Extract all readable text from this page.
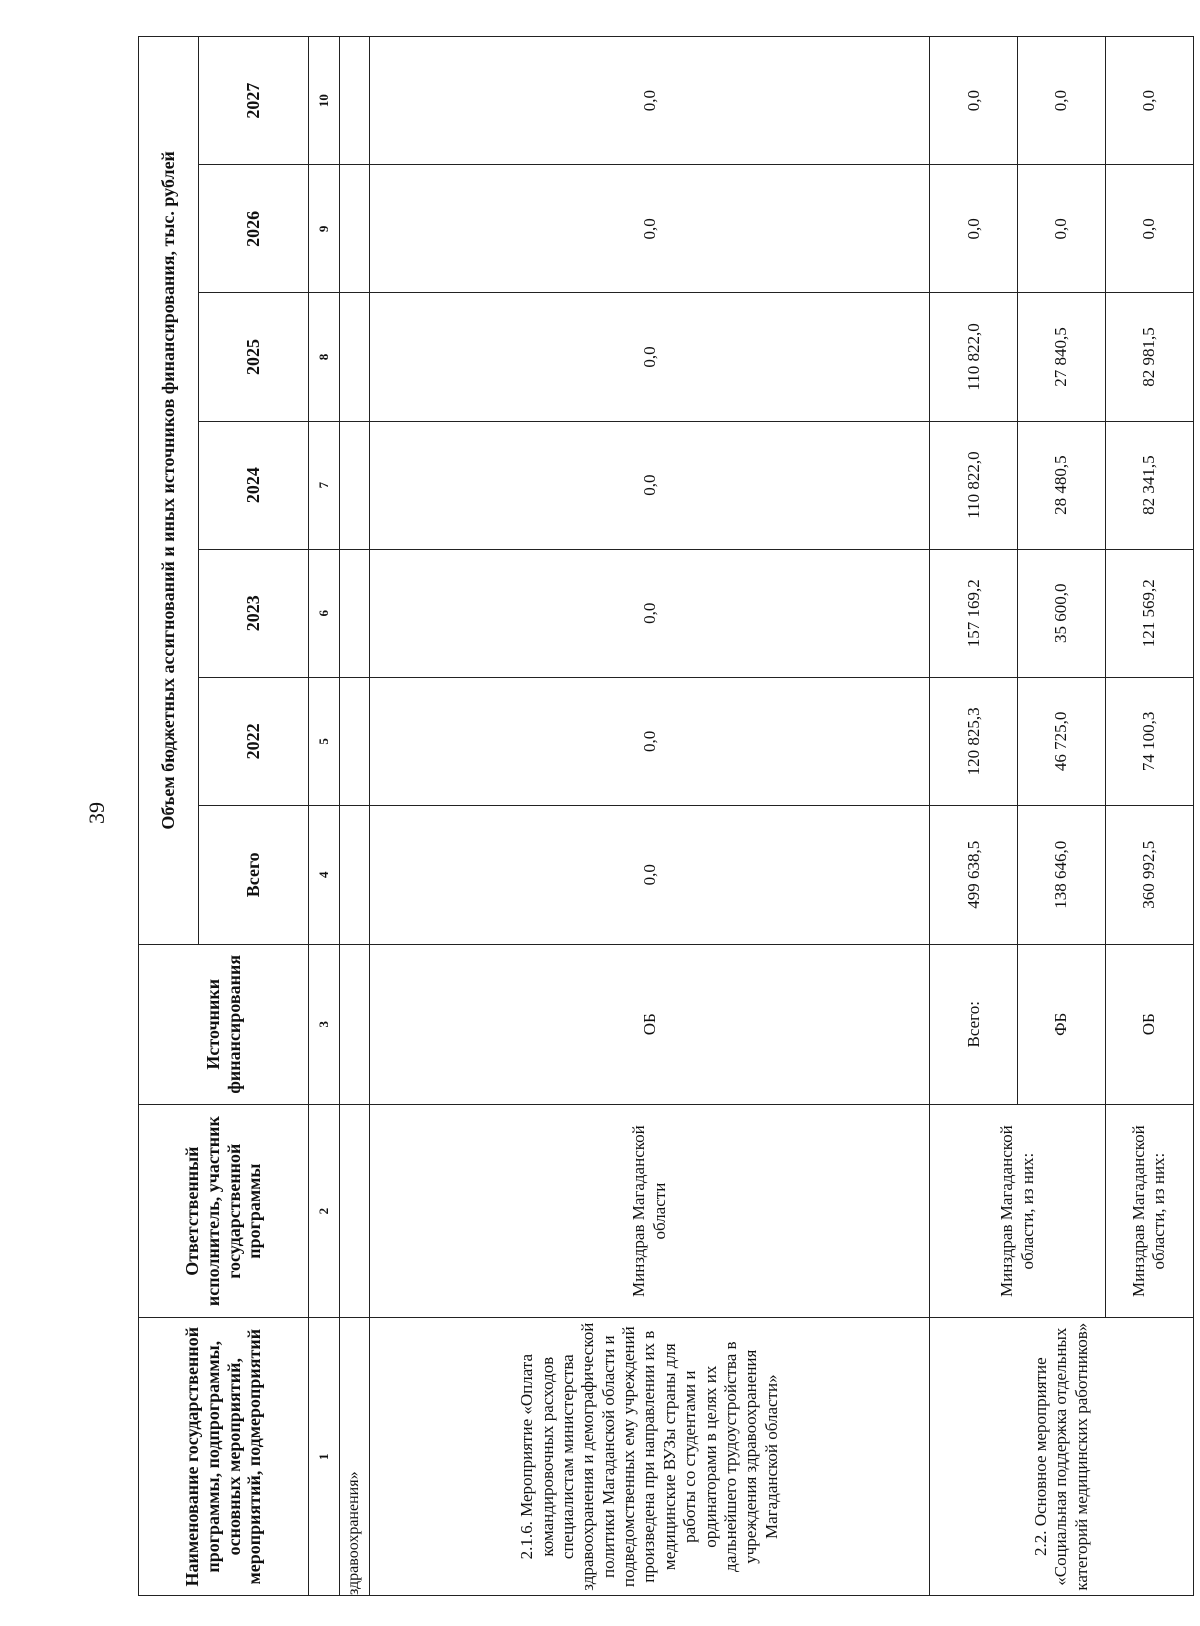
39
Наименование государственной программы, подпрограммы, основных мероприятий, мероприятий, подмероприятий	Ответственный исполнитель, участник государственной программы	Источники финансирования	Объем бюджетных ассигнований и иных источников финансирования, тыс. рублей						
			Всего	2022	2023	2024	2025	2026	2027
1	2	3	4	5	6	7	8	9	10
здравоохранения»									
2.1.6. Мероприятие «Оплата командировочных расходов специалистам министерства здравоохранения и демографической политики Магаданской области и подведомственных ему учреждений произведена при направлении их в медицинские ВУЗы страны для работы со студентами и ординаторами в целях их дальнейшего трудоустройства в учреждения здравоохранения Магаданской области»	Минздрав Магаданской области	ОБ	0,0	0,0	0,0	0,0	0,0	0,0	0,0
2.2. Основное мероприятие «Социальная поддержка отдельных категорий медицинских работников»	Минздрав Магаданской области, из них:	Всего:	499 638,5	120 825,3	157 169,2	110 822,0	110 822,0	0,0	0,0
		ФБ	138 646,0	46 725,0	35 600,0	28 480,5	27 840,5	0,0	0,0
	Минздрав Магаданской области, из них:	ОБ	360 992,5	74 100,3	121 569,2	82 341,5	82 981,5	0,0	0,0
